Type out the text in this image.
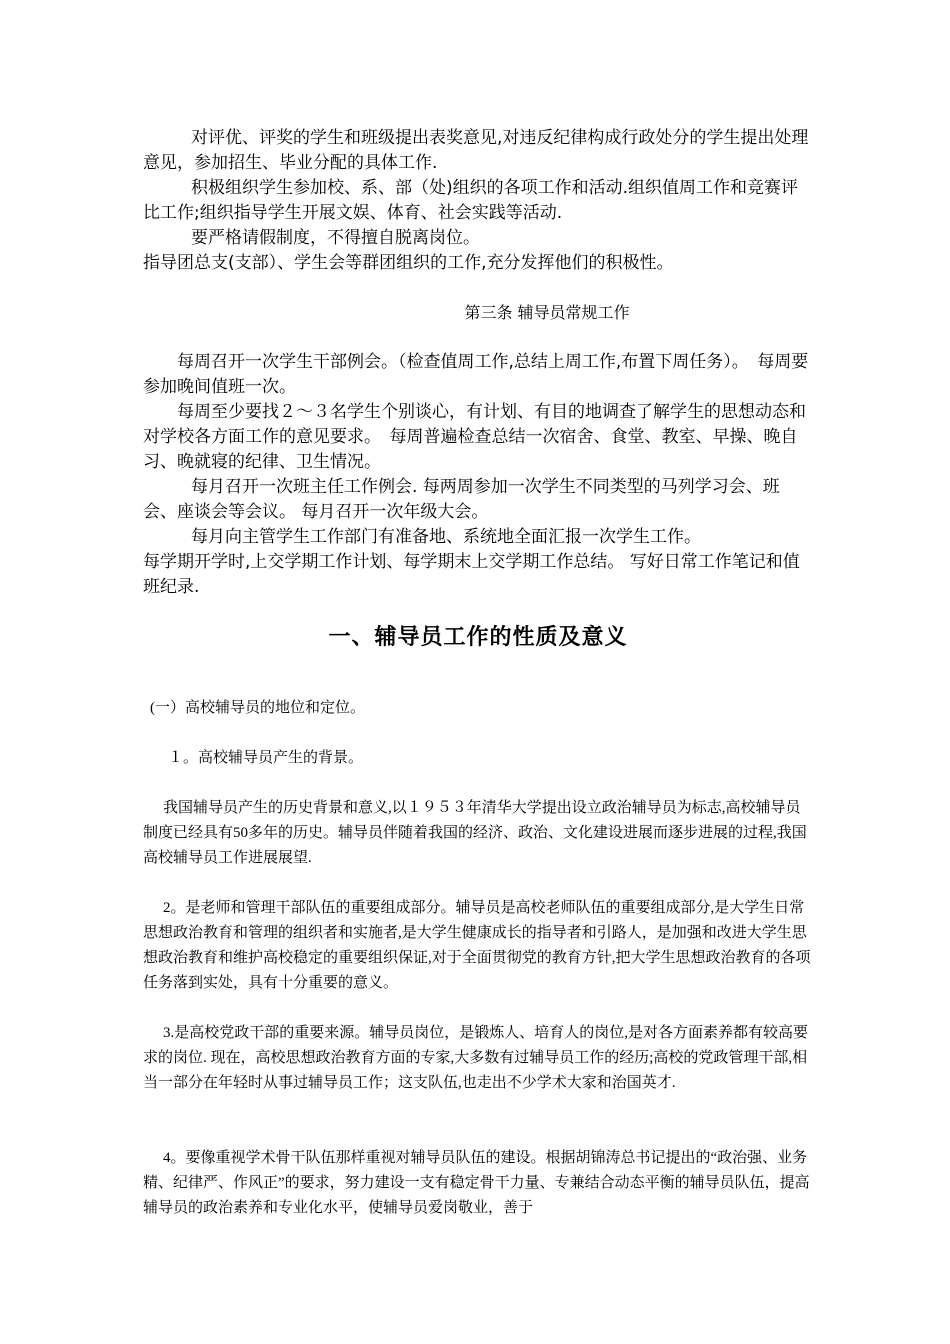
对评优、评奖的学生和班级提出表奖意见,对违反纪律构成行政处分的学生提出处理意见，参加招生、毕业分配的具体工作.

积极组织学生参加校、系、部（处)组织的各项工作和活动.组织值周工作和竞赛评比工作;组织指导学生开展文娱、体育、社会实践等活动.

要严格请假制度，不得擅自脱离岗位。

指导团总支(支部）、学生会等群团组织的工作,充分发挥他们的积极性。

第三条 辅导员常规工作

每周召开一次学生干部例会。（检查值周工作,总结上周工作,布置下周任务）。　每周要参加晚间值班一次。

每周至少要找２～３名学生个别谈心，有计划、有目的地调查了解学生的思想动态和对学校各方面工作的意见要求。　每周普遍检查总结一次宿舍、食堂、教室、早操、晚自习、晚就寝的纪律、卫生情况。

每月召开一次班主任工作例会. 每两周参加一次学生不同类型的马列学习会、班会、座谈会等会议。 每月召开一次年级大会。

每月向主管学生工作部门有准备地、系统地全面汇报一次学生工作。

每学期开学时,上交学期工作计划、每学期末上交学期工作总结。 写好日常工作笔记和值班纪录.

一、辅导员工作的性质及意义

(一）高校辅导员的地位和定位。

１。高校辅导员产生的背景。

我国辅导员产生的历史背景和意义,以１９５３年清华大学提出设立政治辅导员为标志,高校辅导员制度已经具有50多年的历史。辅导员伴随着我国的经济、政治、文化建设进展而逐步进展的过程,我国高校辅导员工作进展展望.

2。是老师和管理干部队伍的重要组成部分。辅导员是高校老师队伍的重要组成部分,是大学生日常思想政治教育和管理的组织者和实施者,是大学生健康成长的指导者和引路人，是加强和改进大学生思想政治教育和维护高校稳定的重要组织保证,对于全面贯彻党的教育方针,把大学生思想政治教育的各项任务落到实处，具有十分重要的意义。

3.是高校党政干部的重要来源。辅导员岗位，是锻炼人、培育人的岗位,是对各方面素养都有较高要求的岗位. 现在，高校思想政治教育方面的专家,大多数有过辅导员工作的经历;高校的党政管理干部,相当一部分在年轻时从事过辅导员工作；这支队伍,也走出不少学术大家和治国英才.

4。要像重视学术骨干队伍那样重视对辅导员队伍的建设。根据胡锦涛总书记提出的“政治强、业务精、纪律严、作风正”的要求，努力建设一支有稳定骨干力量、专兼结合动态平衡的辅导员队伍，提高辅导员的政治素养和专业化水平，使辅导员爱岗敬业，善于
